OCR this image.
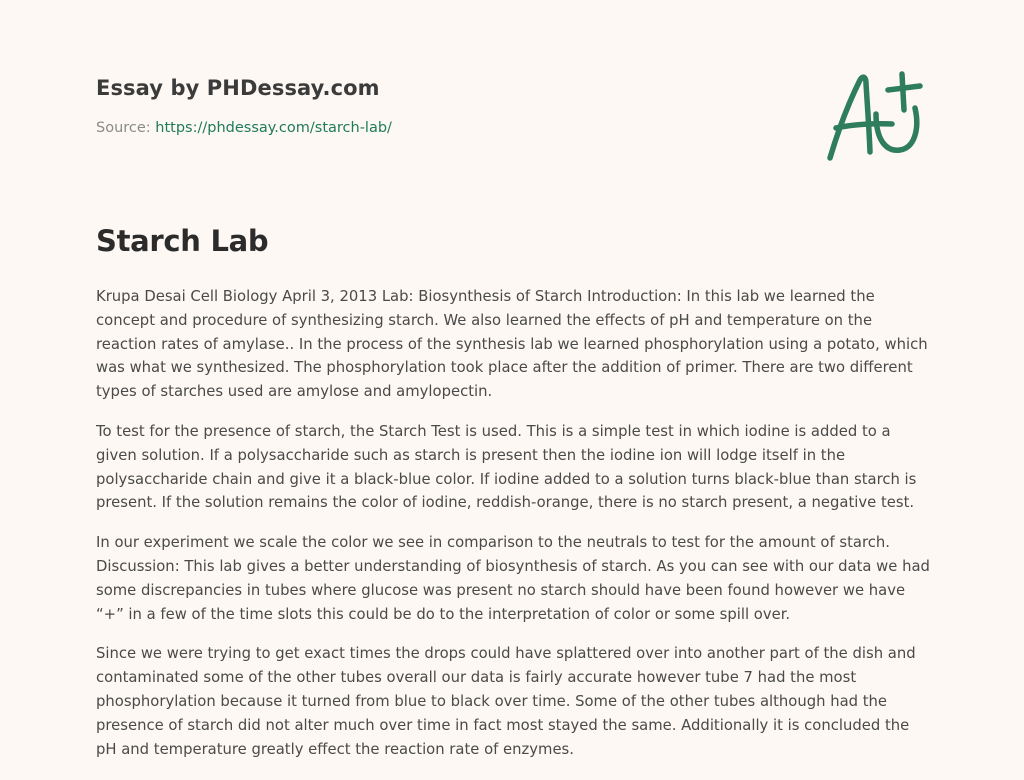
Essay by PHDessay.com
Source: https://phdessay.com/starch-lab/
Starch Lab

Krupa Desai Cell Biology April 3, 2013 Lab: Biosynthesis of Starch Introduction: In this lab we learned the concept and procedure of synthesizing starch. We also learned the effects of pH and temperature on the reaction rates of amylase.. In the process of the synthesis lab we learned phosphorylation using a potato, which was what we synthesized. The phosphorylation took place after the addition of primer. There are two different types of starches used are amylose and amylopectin.

To test for the presence of starch, the Starch Test is used. This is a simple test in which iodine is added to a given solution. If a polysaccharide such as starch is present then the iodine ion will lodge itself in the polysaccharide chain and give it a black-blue color. If iodine added to a solution turns black-blue than starch is present. If the solution remains the color of iodine, reddish-orange, there is no starch present, a negative test.

In our experiment we scale the color we see in comparison to the neutrals to test for the amount of starch. Discussion: This lab gives a better understanding of biosynthesis of starch. As you can see with our data we had some discrepancies in tubes where glucose was present no starch should have been found however we have “+” in a few of the time slots this could be do to the interpretation of color or some spill over.

Since we were trying to get exact times the drops could have splattered over into another part of the dish and contaminated some of the other tubes overall our data is fairly accurate however tube 7 had the most phosphorylation because it turned from blue to black over time. Some of the other tubes although had the presence of starch did not alter much over time in fact most stayed the same. Additionally it is concluded the pH and temperature greatly effect the reaction rate of enzymes.
